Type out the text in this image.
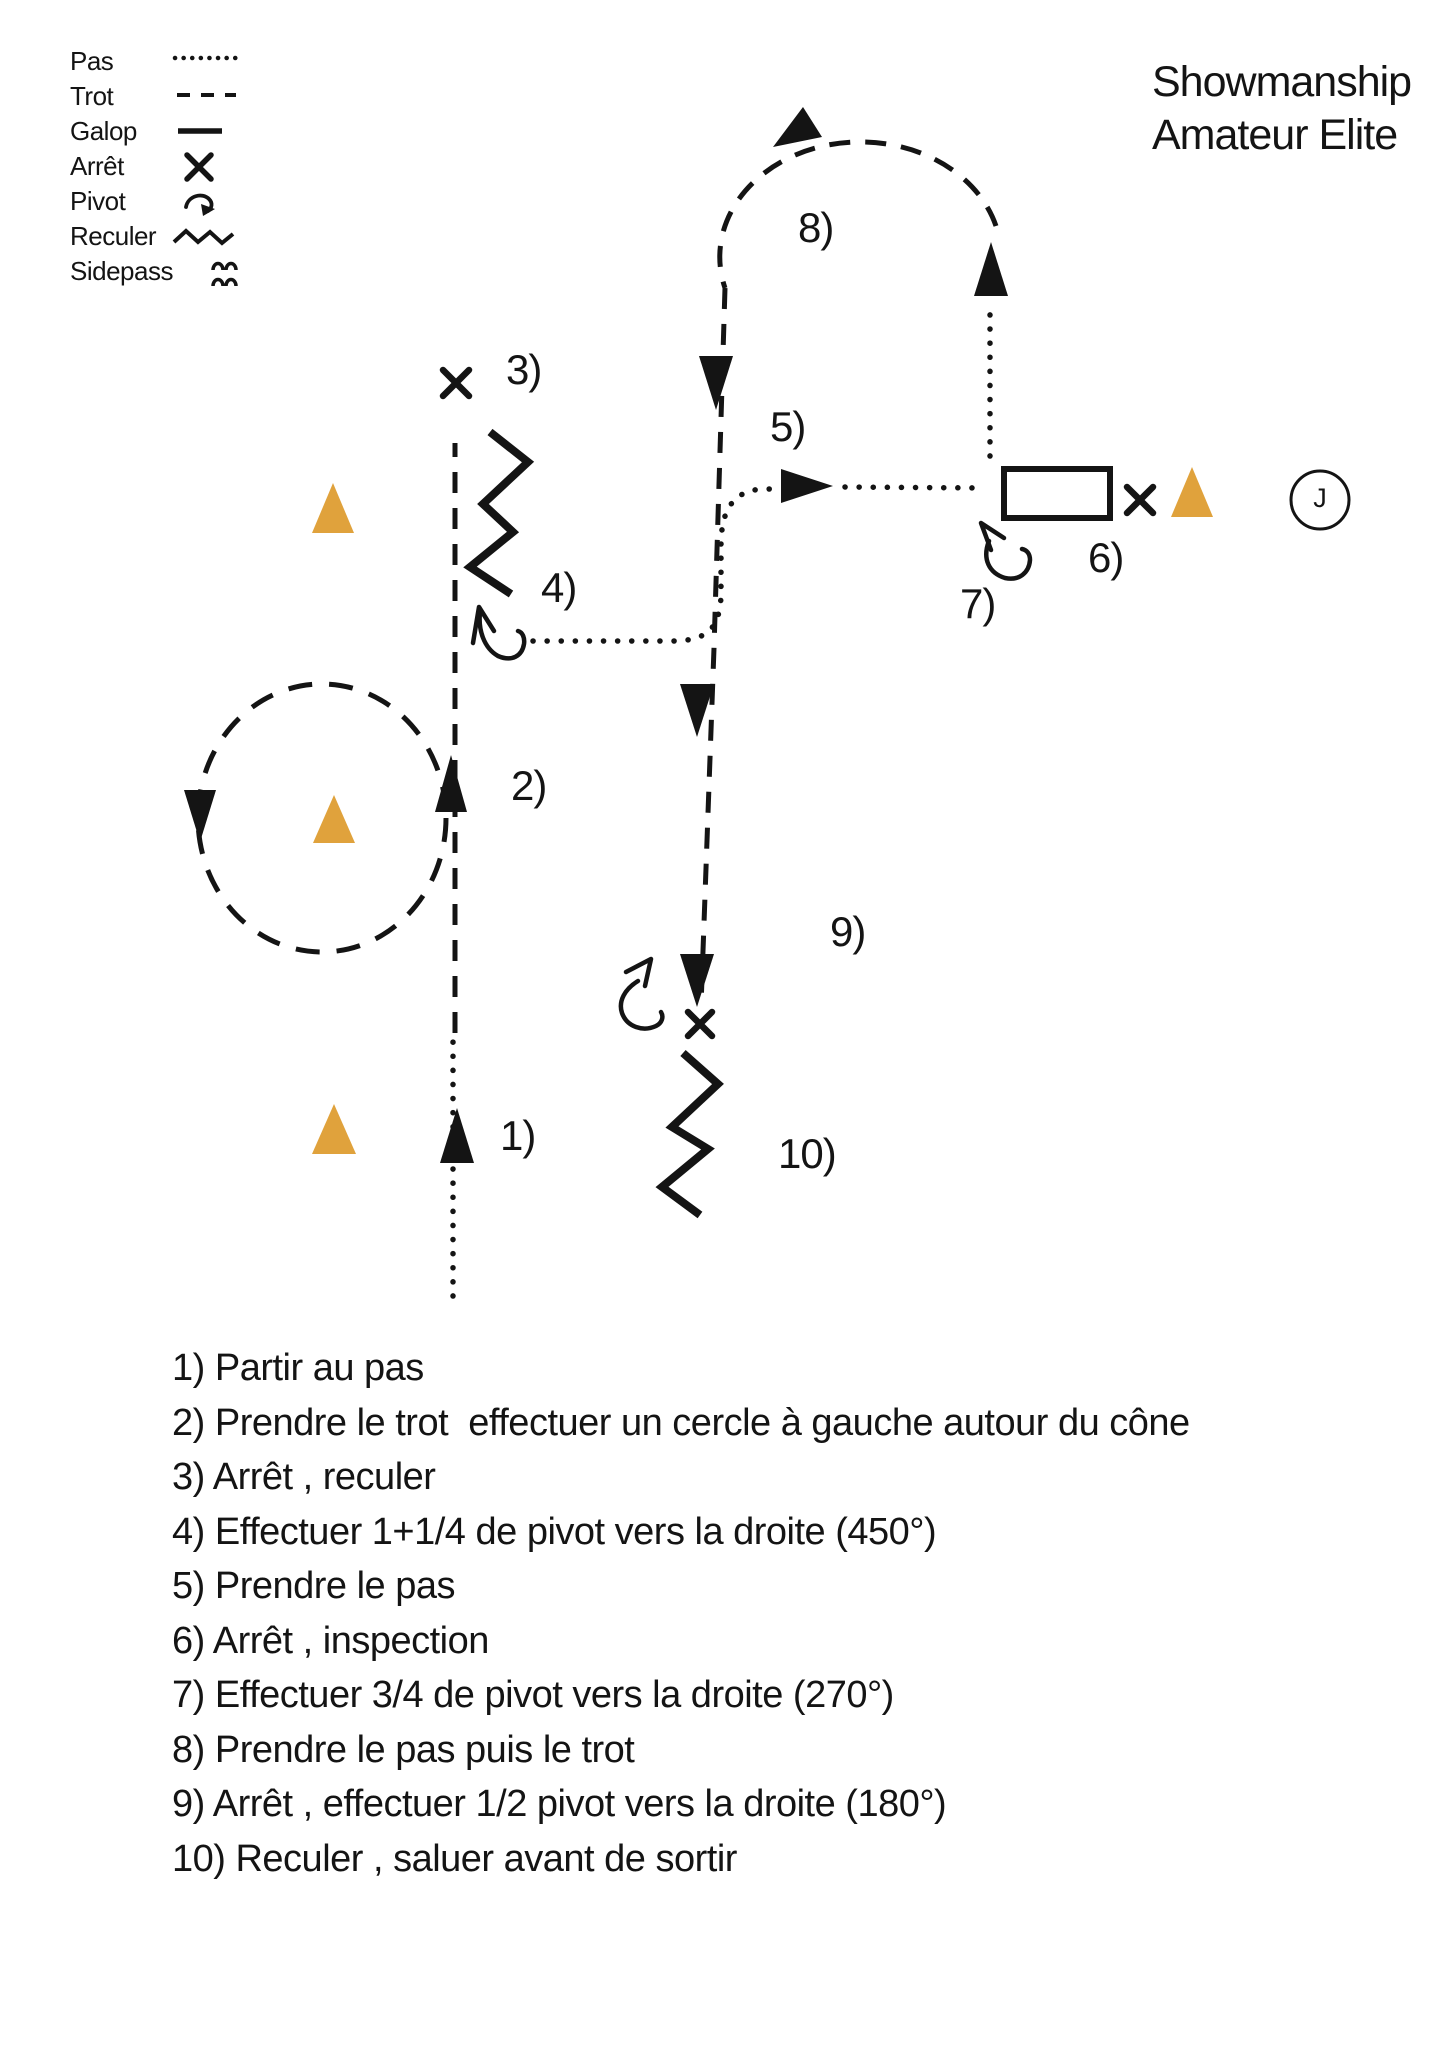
Showmanship
Amateur Elite
Pas
Trot
Galop
Arrêt
Pivot
Reculer
Sidepass
1)
2)
3)
4)
5)
6)
7)
8)
9)
10)
J
1) Partir au pas
2) Prendre le trot  effectuer un cercle à gauche autour du cône
3) Arrêt , reculer
4) Effectuer 1+1/4 de pivot vers la droite (450°)
5) Prendre le pas
6) Arrêt , inspection
7) Effectuer 3/4 de pivot vers la droite (270°)
8) Prendre le pas puis le trot
9) Arrêt , effectuer 1/2 pivot vers la droite (180°)
10) Reculer , saluer avant de sortir
